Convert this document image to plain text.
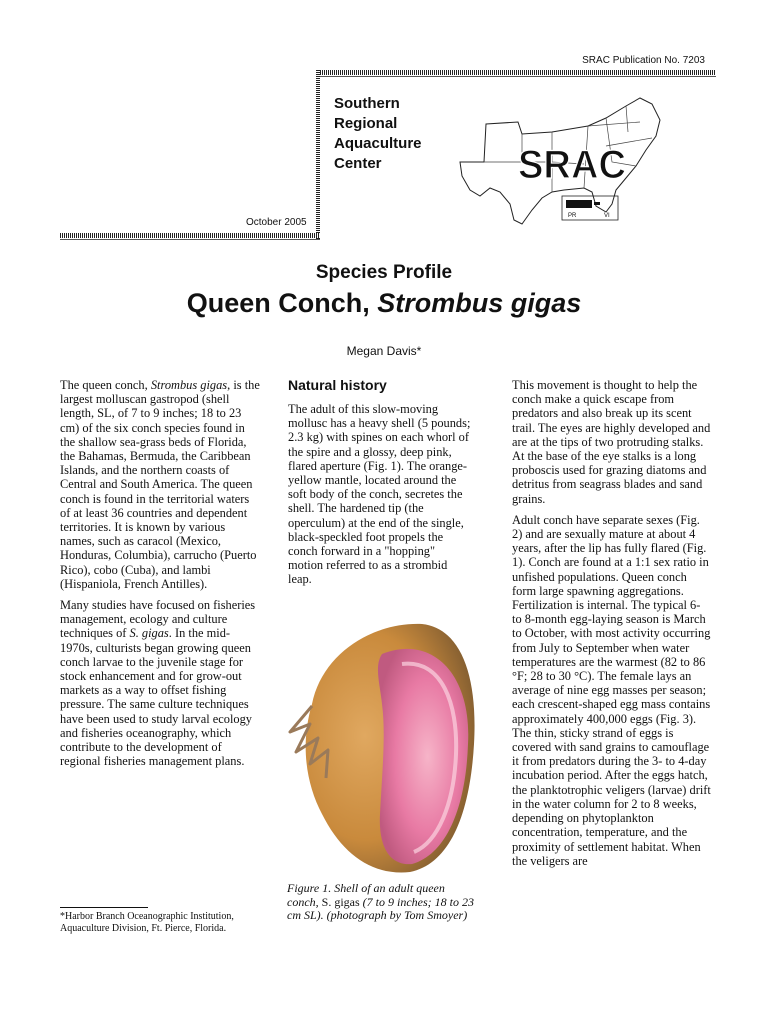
SRAC Publication No. 7203
Southern
Regional
Aquaculture
Center	SRAC
PR	VI
October 2005
Species Profile
Queen Conch, Strombus gigas
Megan Davis*

The queen conch, Strombus gigas, is the largest molluscan gastropod (shell length, SL, of 7 to 9 inches; 18 to 23 cm) of the six conch species found in the shallow sea-grass beds of Florida, the Bahamas, Bermuda, the Caribbean Islands, and the northern coasts of Central and South America. The queen conch is found in the territorial waters of at least 36 countries and dependent territories. It is known by various names, such as caracol (Mexico, Honduras, Columbia), carrucho (Puerto Rico), cobo (Cuba), and lambi (Hispaniola, French Antilles).

Many studies have focused on fisheries management, ecology and culture techniques of S. gigas. In the mid-1970s, culturists began growing queen conch larvae to the juvenile stage for stock enhancement and for grow-out markets as a way to offset fishing pressure. The same culture techniques have been used to study larval ecology and fisheries oceanography, which contribute to the development of regional fisheries management plans.

Natural history

The adult of this slow-moving mollusc has a heavy shell (5 pounds; 2.3 kg) with spines on each whorl of the spire and a glossy, deep pink, flared aperture (Fig. 1). The orange-yellow mantle, located around the soft body of the conch, secretes the shell. The hardened tip (the operculum) at the end of the single, black-speckled foot propels the conch forward in a "hopping" motion referred to as a strombid leap.

Figure 1. Shell of an adult queen conch, S. gigas (7 to 9 inches; 18 to 23 cm SL). (photograph by Tom Smoyer)

This movement is thought to help the conch make a quick escape from predators and also break up its scent trail. The eyes are highly developed and are at the tips of two protruding stalks. At the base of the eye stalks is a long proboscis used for grazing diatoms and detritus from seagrass blades and sand grains.

Adult conch have separate sexes (Fig. 2) and are sexually mature at about 4 years, after the lip has fully flared (Fig. 1). Conch are found at a 1:1 sex ratio in unfished populations. Queen conch form large spawning aggregations. Fertilization is internal. The typical 6- to 8-month egg-laying season is March to October, with most activity occurring from July to September when water temperatures are the warmest (82 to 86 °F; 28 to 30 °C). The female lays an average of nine egg masses per season; each crescent-shaped egg mass contains approximately 400,000 eggs (Fig. 3). The thin, sticky strand of eggs is covered with sand grains to camouflage it from predators during the 3- to 4-day incubation period. After the eggs hatch, the planktotrophic veligers (larvae) drift in the water column for 2 to 8 weeks, depending on phytoplankton concentration, temperature, and the proximity of settlement habitat. When the veligers are

*Harbor Branch Oceanographic Institution, Aquaculture Division, Ft. Pierce, Florida.
